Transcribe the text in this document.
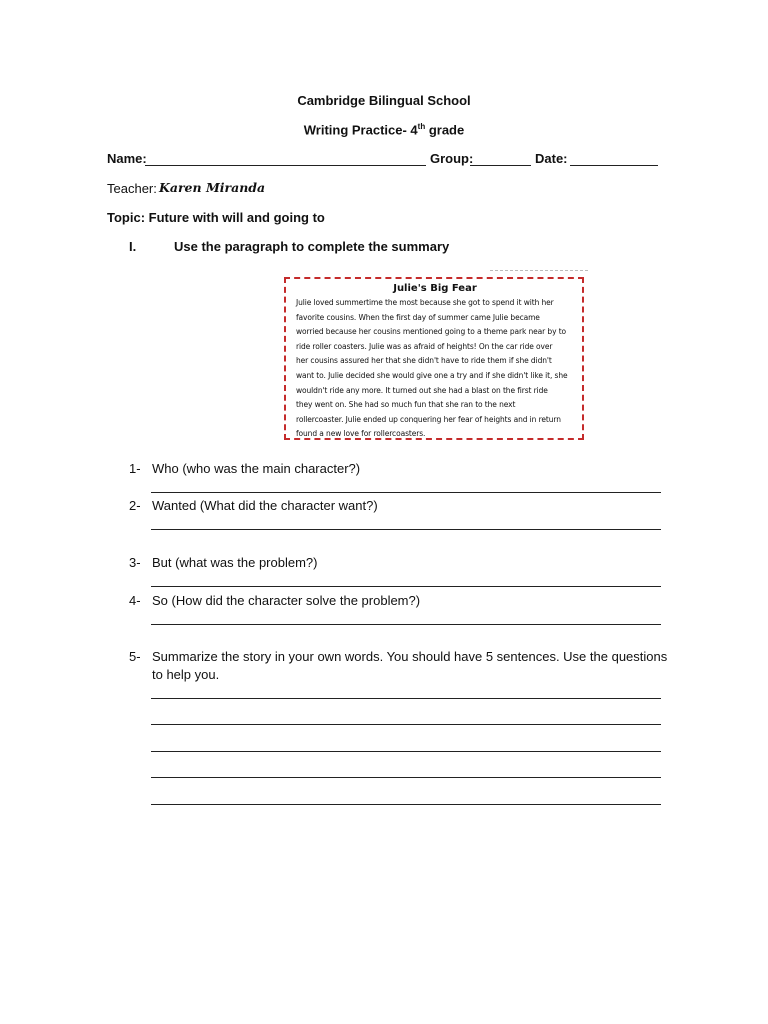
Cambridge Bilingual School
Writing Practice- 4th grade
Name:	Group:	Date:
Teacher: Karen Miranda
Topic: Future with will and going to
I.	Use the paragraph to complete the summary
Julie's Big Fear
Julie loved summertime the most because she got to spend it with her
favorite cousins. When the first day of summer came Julie became
worried because her cousins mentioned going to a theme park near by to
ride roller coasters. Julie was as afraid of heights! On the car ride over
her cousins assured her that she didn't have to ride them if she didn't
want to. Julie decided she would give one a try and if she didn't like it, she
wouldn't ride any more. It turned out she had a blast on the first ride
they went on. She had so much fun that she ran to the next
rollercoaster. Julie ended up conquering her fear of heights and in return
found a new love for rollercoasters.
1- Who (who was the main character?)
2- Wanted (What did the character want?)
3- But (what was the problem?)
4- So (How did the character solve the problem?)
5- Summarize the story in your own words. You should have 5 sentences. Use the questions
to help you.
